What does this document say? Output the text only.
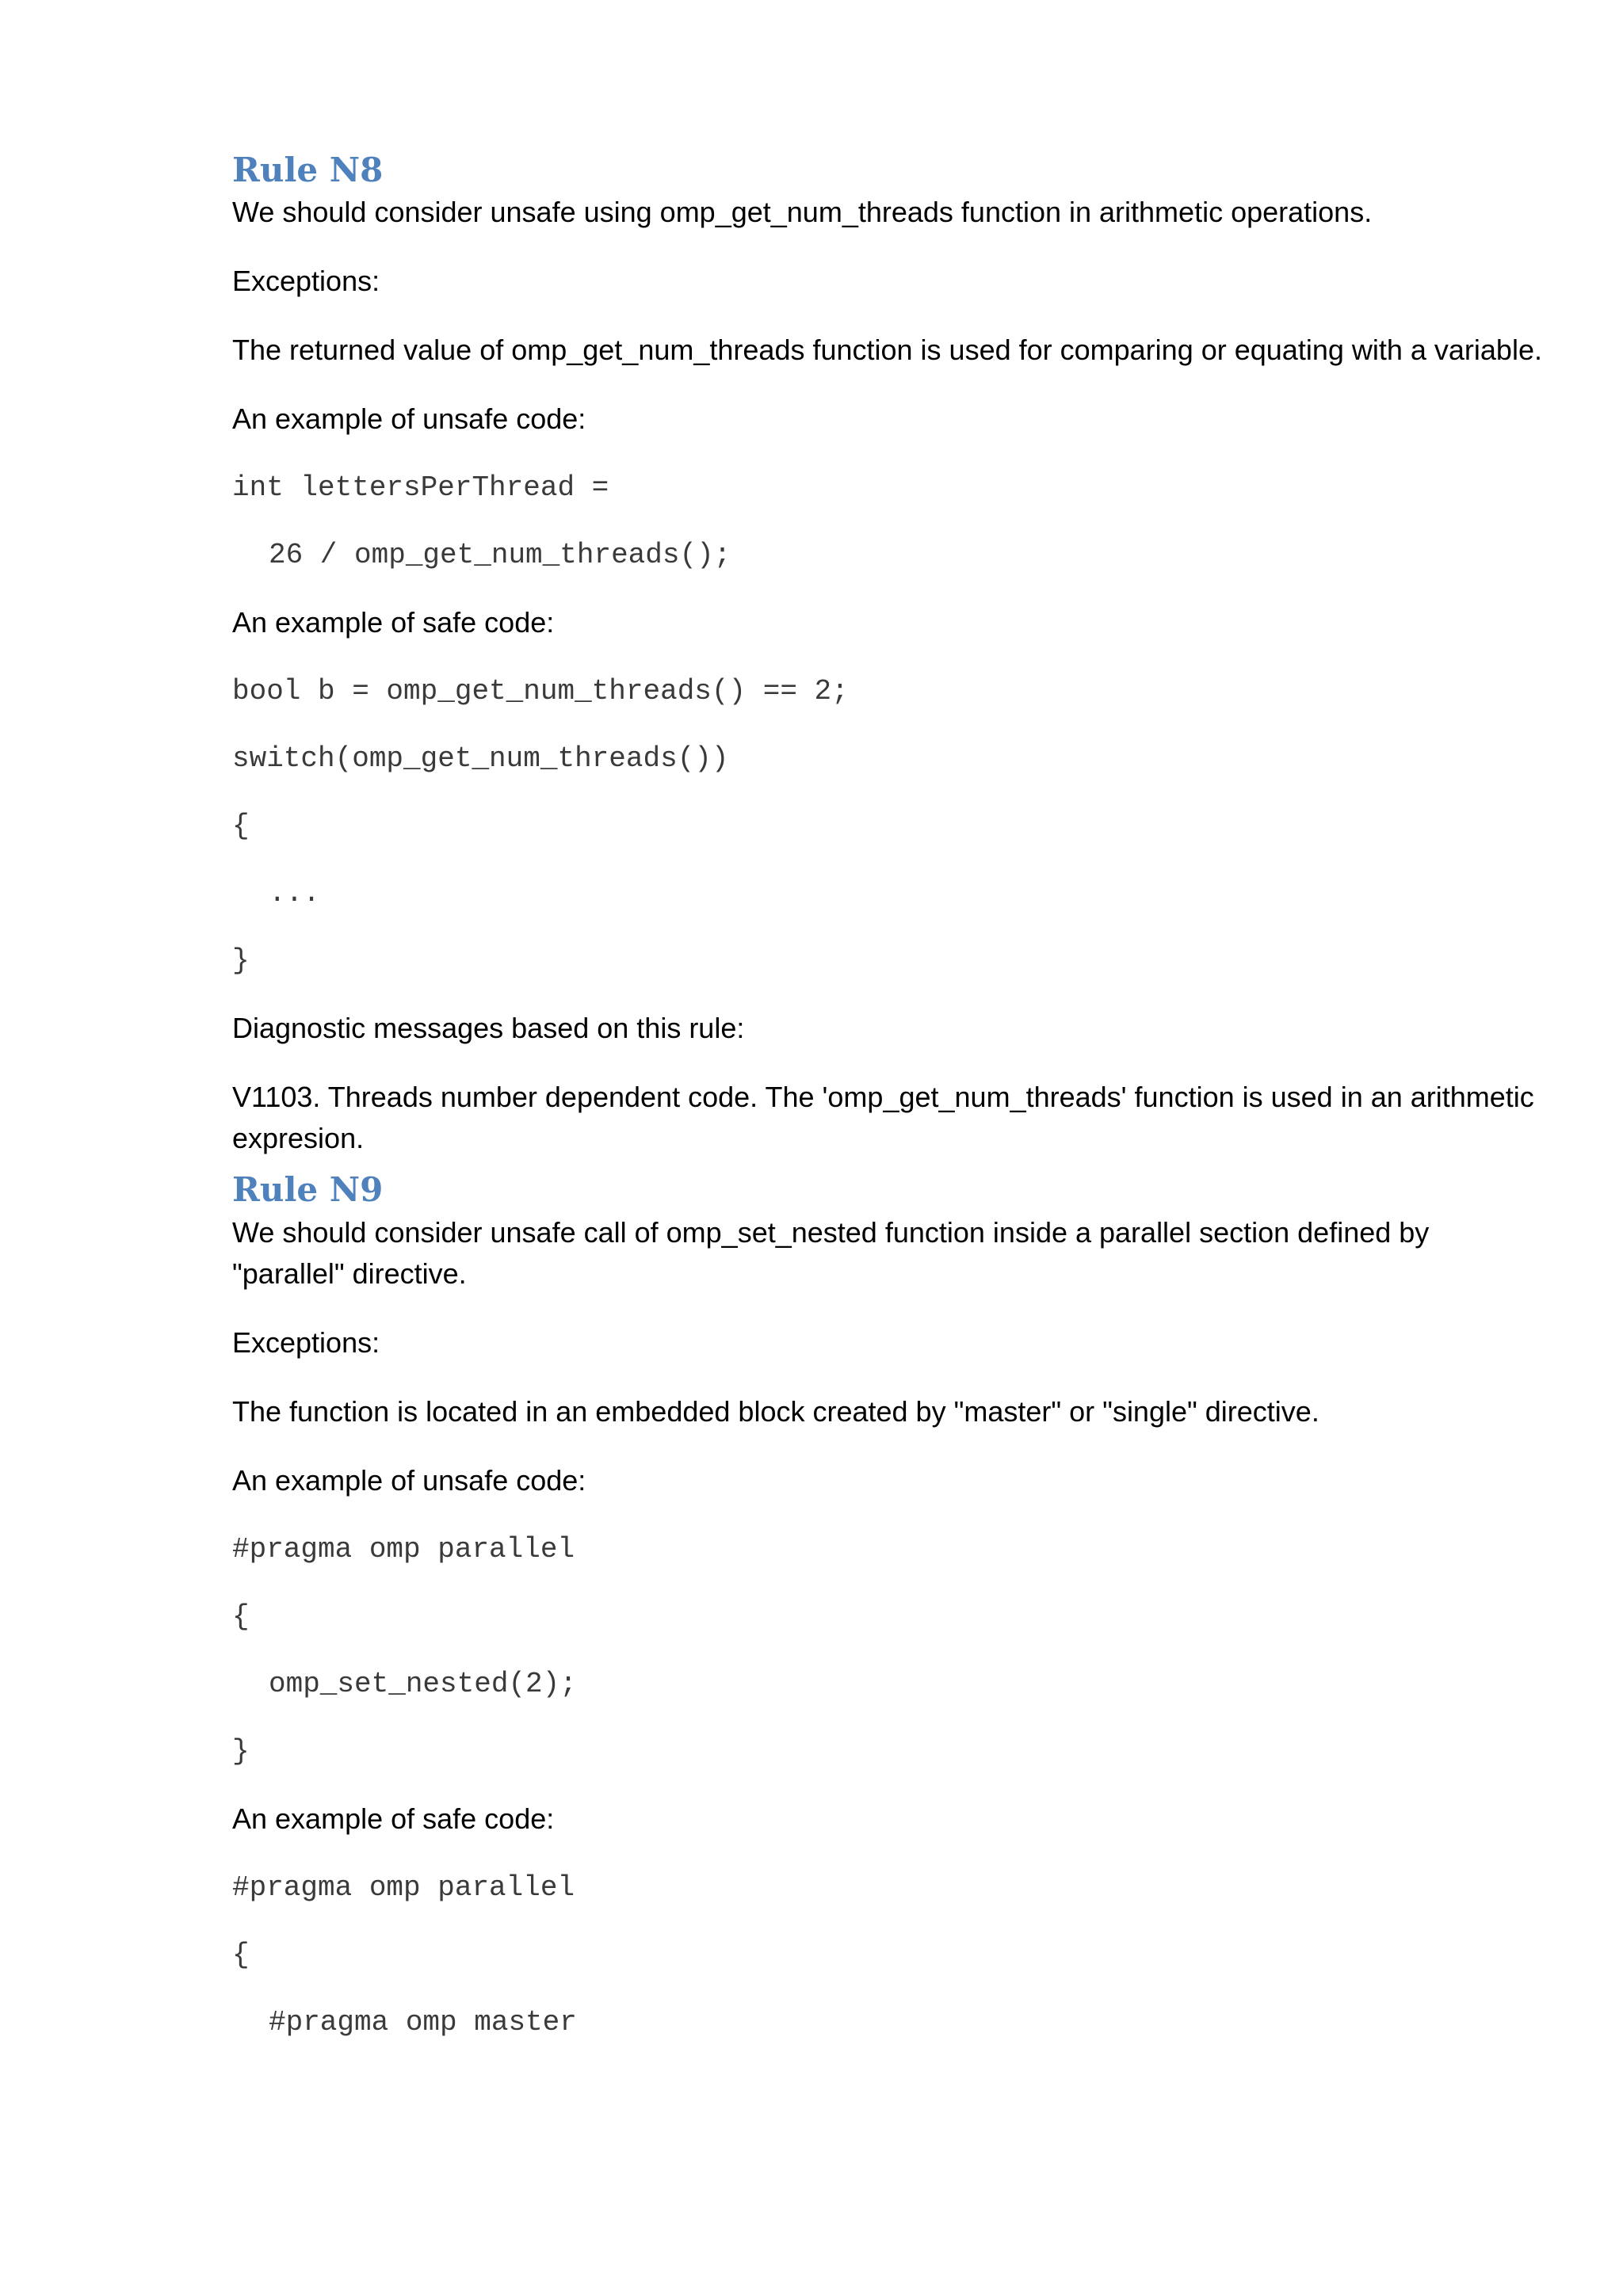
Rule N8

We should consider unsafe using omp_get_num_threads function in arithmetic operations.

Exceptions:

The returned value of omp_get_num_threads function is used for comparing or equating with a variable.

An example of unsafe code:

int lettersPerThread =
26 / omp_get_num_threads();

An example of safe code:

bool b = omp_get_num_threads() == 2;
switch(omp_get_num_threads())
{
...
}

Diagnostic messages based on this rule:

V1103. Threads number dependent code. The 'omp_get_num_threads' function is used in an arithmetic expresion.

Rule N9

We should consider unsafe call of omp_set_nested function inside a parallel section defined by "parallel" directive.

Exceptions:

The function is located in an embedded block created by "master" or "single" directive.

An example of unsafe code:

#pragma omp parallel
{
omp_set_nested(2);
}

An example of safe code:

#pragma omp parallel
{
#pragma omp master
